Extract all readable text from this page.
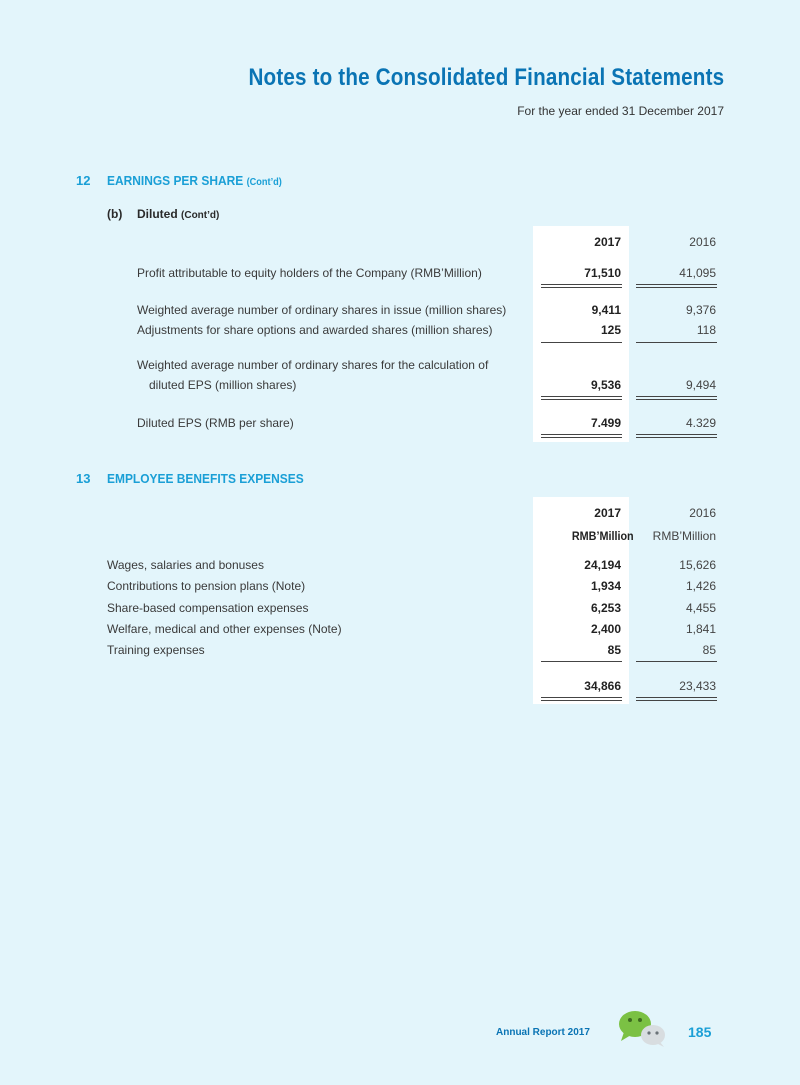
Notes to the Consolidated Financial Statements
For the year ended 31 December 2017
12 EARNINGS PER SHARE (Cont’d)
(b) Diluted (Cont’d)
2017	2016
Profit attributable to equity holders of the Company (RMB’Million)	71,510	41,095
Weighted average number of ordinary shares in issue (million shares)	9,411	9,376
Adjustments for share options and awarded shares (million shares)	125	118
Weighted average number of ordinary shares for the calculation of
diluted EPS (million shares)	9,536	9,494
Diluted EPS (RMB per share)	7.499	4.329
13 EMPLOYEE BENEFITS EXPENSES
2017	2016
RMB’Million RMB’Million
Wages, salaries and bonuses	24,194	15,626
Contributions to pension plans (Note)	1,934	1,426
Share-based compensation expenses	6,253	4,455
Welfare, medical and other expenses (Note)	2,400	1,841
Training expenses	85	85
34,866	23,433
Annual Report 2017	185
